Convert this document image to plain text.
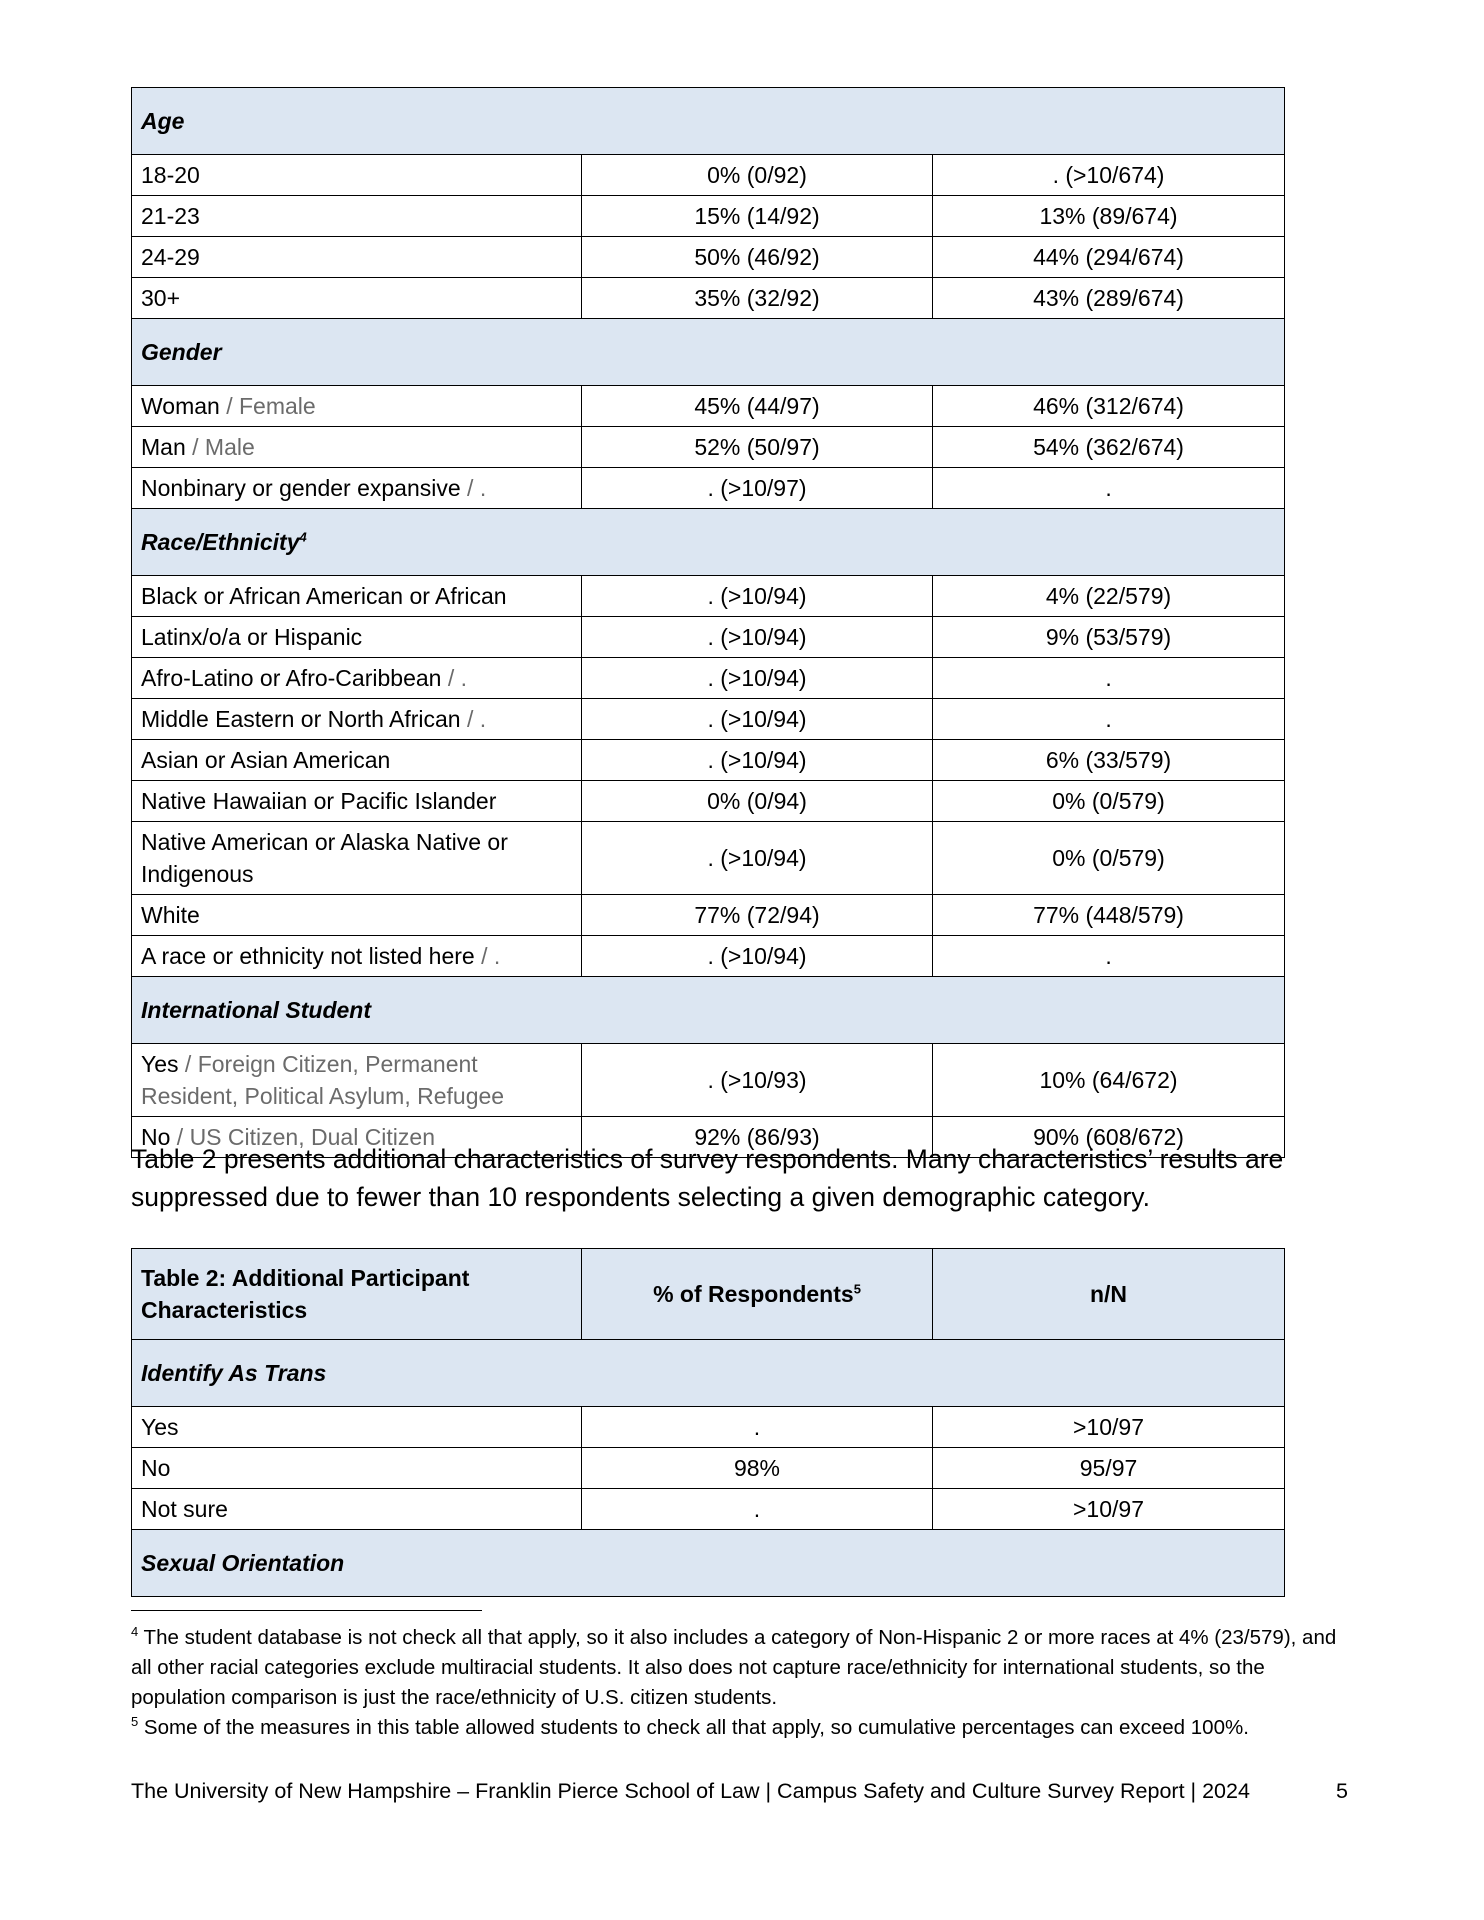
Age		
18-20	0% (0/92)	. (>10/674)
21-23	15% (14/92)	13% (89/674)
24-29	50% (46/92)	44% (294/674)
30+	35% (32/92)	43% (289/674)
Gender		
Woman / Female	45% (44/97)	46% (312/674)
Man / Male	52% (50/97)	54% (362/674)
Nonbinary or gender expansive / .	. (>10/97)	.
Race/Ethnicity$^4$
Black or African American or African	. (>10/94)	4% (22/579)
Latinx/o/a or Hispanic	. (>10/94)	9% (53/579)
Afro-Latino or Afro-Caribbean / .	. (>10/94)	.
Middle Eastern or North African / .	. (>10/94)	.
Asian or Asian American	. (>10/94)	6% (33/579)
Native Hawaiian or Pacific Islander	0% (0/94)	0% (0/579)
Native American or Alaska Native or Indigenous	. (>10/94)	0% (0/579)
White	77% (72/94)	77% (448/579)
A race or ethnicity not listed here / .	. (>10/94)	.
International Student		
Yes / Foreign Citizen, Permanent Resident, Political Asylum, Refugee	. (>10/93)	10% (64/672)
No / US Citizen, Dual Citizen	92% (86/93)	90% (608/672)
Table 2 presents additional characteristics of survey respondents. Many characteristics’ results are suppressed due to fewer than 10 respondents selecting a given demographic category.
Table 2: Additional Participant Characteristics	% of Respondents$^5$	n/N
Identify As Trans		
Yes	.	>10/97
No	98%	95/97
Not sure	.	>10/97
Sexual Orientation		

$^4$ The student database is not check all that apply, so it also includes a category of Non-Hispanic 2 or more races at 4% (23/579), and all other racial categories exclude multiracial students. It also does not capture race/ethnicity for international students, so the population comparison is just the race/ethnicity of U.S. citizen students.

$^5$ Some of the measures in this table allowed students to check all that apply, so cumulative percentages can exceed 100%.

The University of New Hampshire – Franklin Pierce School of Law | Campus Safety and Culture Survey Report | 2024	5
